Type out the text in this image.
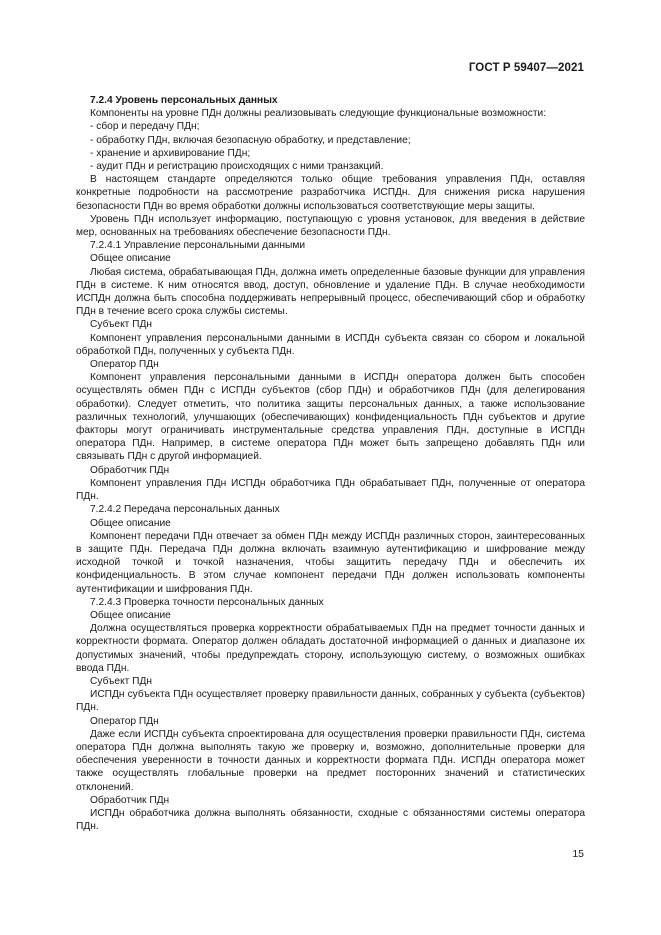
ГОСТ Р 59407—2021

7.2.4 Уровень персональных данных

Компоненты на уровне ПДн должны реализовывать следующие функциональные возможности:

- сбор и передачу ПДн;

- обработку ПДн, включая безопасную обработку, и представление;

- хранение и архивирование ПДн;

- аудит ПДн и регистрацию происходящих с ними транзакций.

В настоящем стандарте определяются только общие требования управления ПДн, оставляя конкретные подробности на рассмотрение разработчика ИСПДн. Для снижения риска нарушения безопасности ПДн во время обработки должны использоваться соответствующие меры защиты.

Уровень ПДн использует информацию, поступающую с уровня установок, для введения в действие мер, основанных на требованиях обеспечение безопасности ПДн.

7.2.4.1 Управление персональными данными

Общее описание

Любая система, обрабатывающая ПДн, должна иметь определенные базовые функции для управления ПДн в системе. К ним относятся ввод, доступ, обновление и удаление ПДн. В случае необходимости ИСПДн должна быть способна поддерживать непрерывный процесс, обеспечивающий сбор и обработку ПДн в течение всего срока службы системы.

Субъект ПДн

Компонент управления персональными данными в ИСПДн субъекта связан со сбором и локальной обработкой ПДн, полученных у субъекта ПДн.

Оператор ПДн

Компонент управления персональными данными в ИСПДн оператора должен быть способен осуществлять обмен ПДн с ИСПДн субъектов (сбор ПДн) и обработчиков ПДн (для делегирования обработки). Следует отметить, что политика защиты персональных данных, а также использование различных технологий, улучшающих (обеспечивающих) конфиденциальность ПДн субъектов и другие факторы могут ограничивать инструментальные средства управления ПДн, доступные в ИСПДн оператора ПДн. Например, в системе оператора ПДн может быть запрещено добавлять ПДн или связывать ПДн с другой информацией.

Обработчик ПДн

Компонент управления ПДн ИСПДн обработчика ПДн обрабатывает ПДн, полученные от оператора ПДн.

7.2.4.2 Передача персональных данных

Общее описание

Компонент передачи ПДн отвечает за обмен ПДн между ИСПДн различных сторон, заинтересованных в защите ПДн. Передача ПДн должна включать взаимную аутентификацию и шифрование между исходной точкой и точкой назначения, чтобы защитить передачу ПДн и обеспечить их конфиденциальность. В этом случае компонент передачи ПДн должен использовать компоненты аутентификации и шифрования ПДн.

7.2.4.3 Проверка точности персональных данных

Общее описание

Должна осуществляться проверка корректности обрабатываемых ПДн на предмет точности данных и корректности формата. Оператор должен обладать достаточной информацией о данных и диапазоне их допустимых значений, чтобы предупреждать сторону, использующую систему, о возможных ошибках ввода ПДн.

Субъект ПДн

ИСПДн субъекта ПДн осуществляет проверку правильности данных, собранных у субъекта (субъектов) ПДн.

Оператор ПДн

Даже если ИСПДн субъекта спроектирована для осуществления проверки правильности ПДн, система оператора ПДн должна выполнять такую же проверку и, возможно, дополнительные проверки для обеспечения уверенности в точности данных и корректности формата ПДн. ИСПДн оператора может также осуществлять глобальные проверки на предмет посторонних значений и статистических отклонений.

Обработчик ПДн

ИСПДн обработчика должна выполнять обязанности, сходные с обязанностями системы оператора ПДн.

15
